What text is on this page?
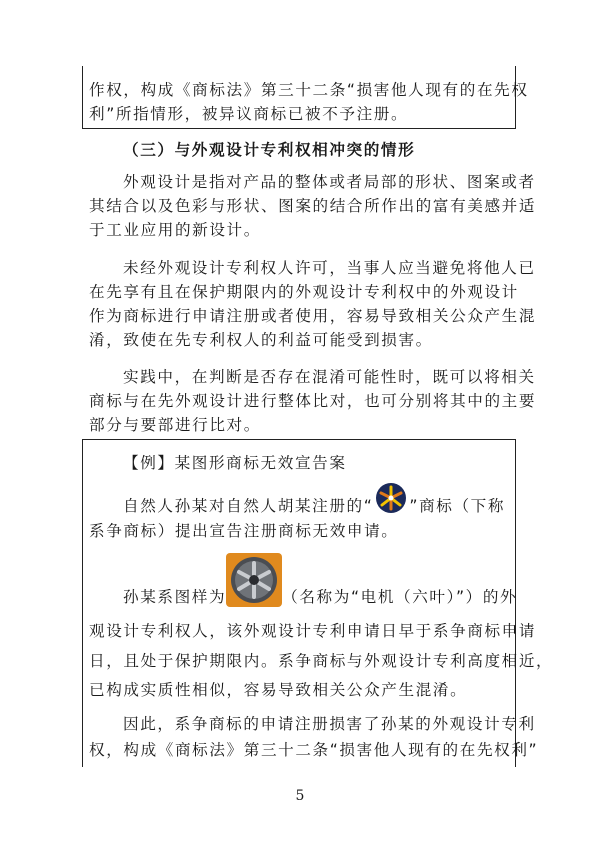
作权，构成《商标法》第三十二条“损害他人现有的在先权
利”所指情形，被异议商标已被不予注册。
（三）与外观设计专利权相冲突的情形
外观设计是指对产品的整体或者局部的形状、图案或者
其结合以及色彩与形状、图案的结合所作出的富有美感并适
于工业应用的新设计。
未经外观设计专利权人许可，当事人应当避免将他人已
在先享有且在保护期限内的外观设计专利权中的外观设计
作为商标进行申请注册或者使用，容易导致相关公众产生混
淆，致使在先专利权人的利益可能受到损害。
实践中，在判断是否存在混淆可能性时，既可以将相关
商标与在先外观设计进行整体比对，也可分别将其中的主要
部分与要部进行比对。
【例】某图形商标无效宣告案
自然人孙某对自然人胡某注册的“ ”商标（下称
系争商标）提出宣告注册商标无效申请。
孙某系图样为	（名称为“电机（六叶）”）的外
观设计专利权人，该外观设计专利申请日早于系争商标申请
日，且处于保护期限内。系争商标与外观设计专利高度相近，
已构成实质性相似，容易导致相关公众产生混淆。
因此，系争商标的申请注册损害了孙某的外观设计专利
权，构成《商标法》第三十二条“损害他人现有的在先权利”
5
